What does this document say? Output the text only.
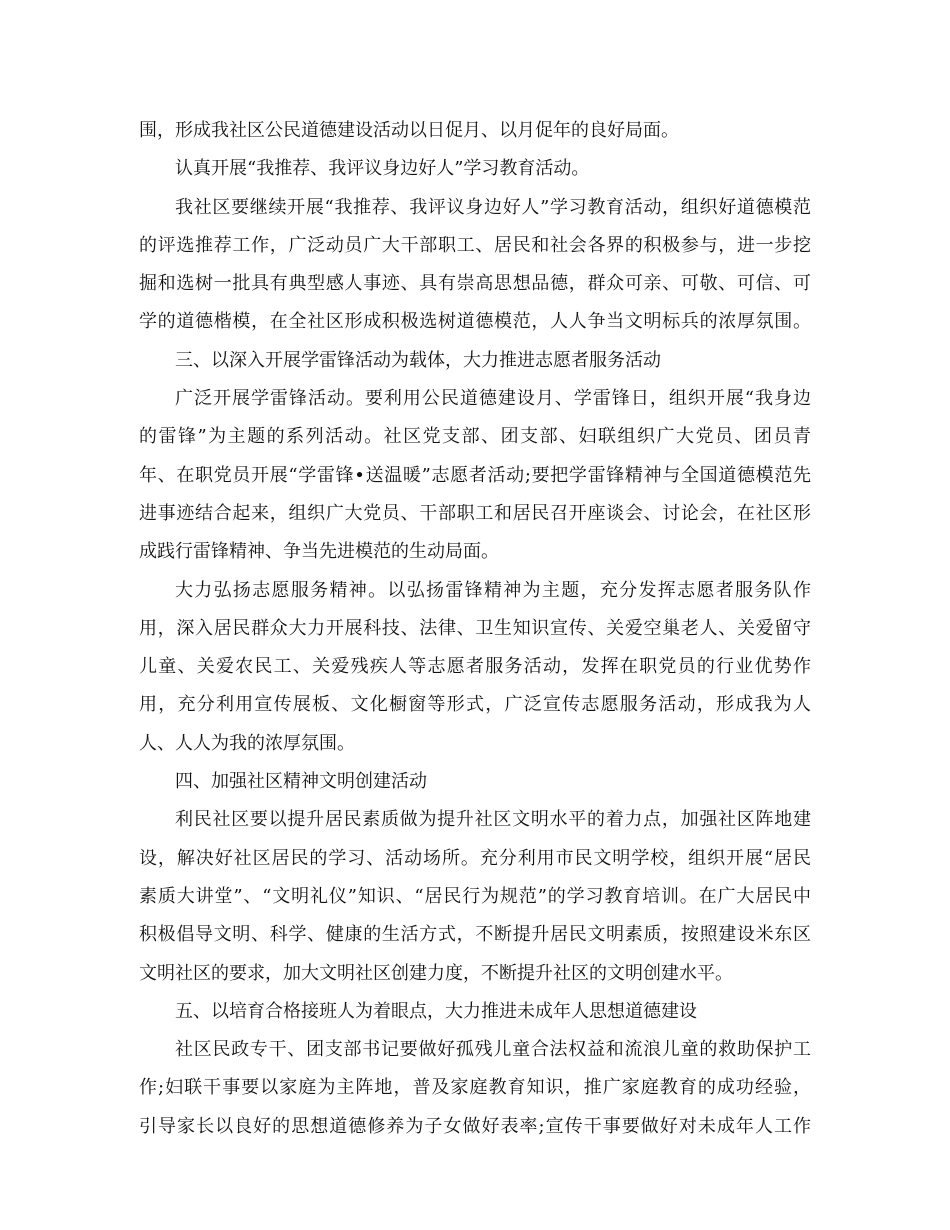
围，形成我社区公民道德建设活动以日促月、以月促年的良好局面。
认真开展“我推荐、我评议身边好人”学习教育活动。
我社区要继续开展“我推荐、我评议身边好人”学习教育活动，组织好道德模范
的评选推荐工作，广泛动员广大干部职工、居民和社会各界的积极参与，进一步挖
掘和选树一批具有典型感人事迹、具有崇高思想品德，群众可亲、可敬、可信、可
学的道德楷模，在全社区形成积极选树道德模范，人人争当文明标兵的浓厚氛围。
三、以深入开展学雷锋活动为载体，大力推进志愿者服务活动
广泛开展学雷锋活动。要利用公民道德建设月、学雷锋日，组织开展“我身边
的雷锋”为主题的系列活动。社区党支部、团支部、妇联组织广大党员、团员青
年、在职党员开展“学雷锋•送温暖”志愿者活动;要把学雷锋精神与全国道德模范先
进事迹结合起来，组织广大党员、干部职工和居民召开座谈会、讨论会，在社区形
成践行雷锋精神、争当先进模范的生动局面。
大力弘扬志愿服务精神。以弘扬雷锋精神为主题，充分发挥志愿者服务队作
用，深入居民群众大力开展科技、法律、卫生知识宣传、关爱空巢老人、关爱留守
儿童、关爱农民工、关爱残疾人等志愿者服务活动，发挥在职党员的行业优势作
用，充分利用宣传展板、文化橱窗等形式，广泛宣传志愿服务活动，形成我为人
人、人人为我的浓厚氛围。
四、加强社区精神文明创建活动
利民社区要以提升居民素质做为提升社区文明水平的着力点，加强社区阵地建
设，解决好社区居民的学习、活动场所。充分利用市民文明学校，组织开展“居民
素质大讲堂”、“文明礼仪”知识、“居民行为规范”的学习教育培训。在广大居民中
积极倡导文明、科学、健康的生活方式，不断提升居民文明素质，按照建设米东区
文明社区的要求，加大文明社区创建力度，不断提升社区的文明创建水平。
五、以培育合格接班人为着眼点，大力推进未成年人思想道德建设
社区民政专干、团支部书记要做好孤残儿童合法权益和流浪儿童的救助保护工
作;妇联干事要以家庭为主阵地，普及家庭教育知识，推广家庭教育的成功经验，
引导家长以良好的思想道德修养为子女做好表率;宣传干事要做好对未成年人工作
